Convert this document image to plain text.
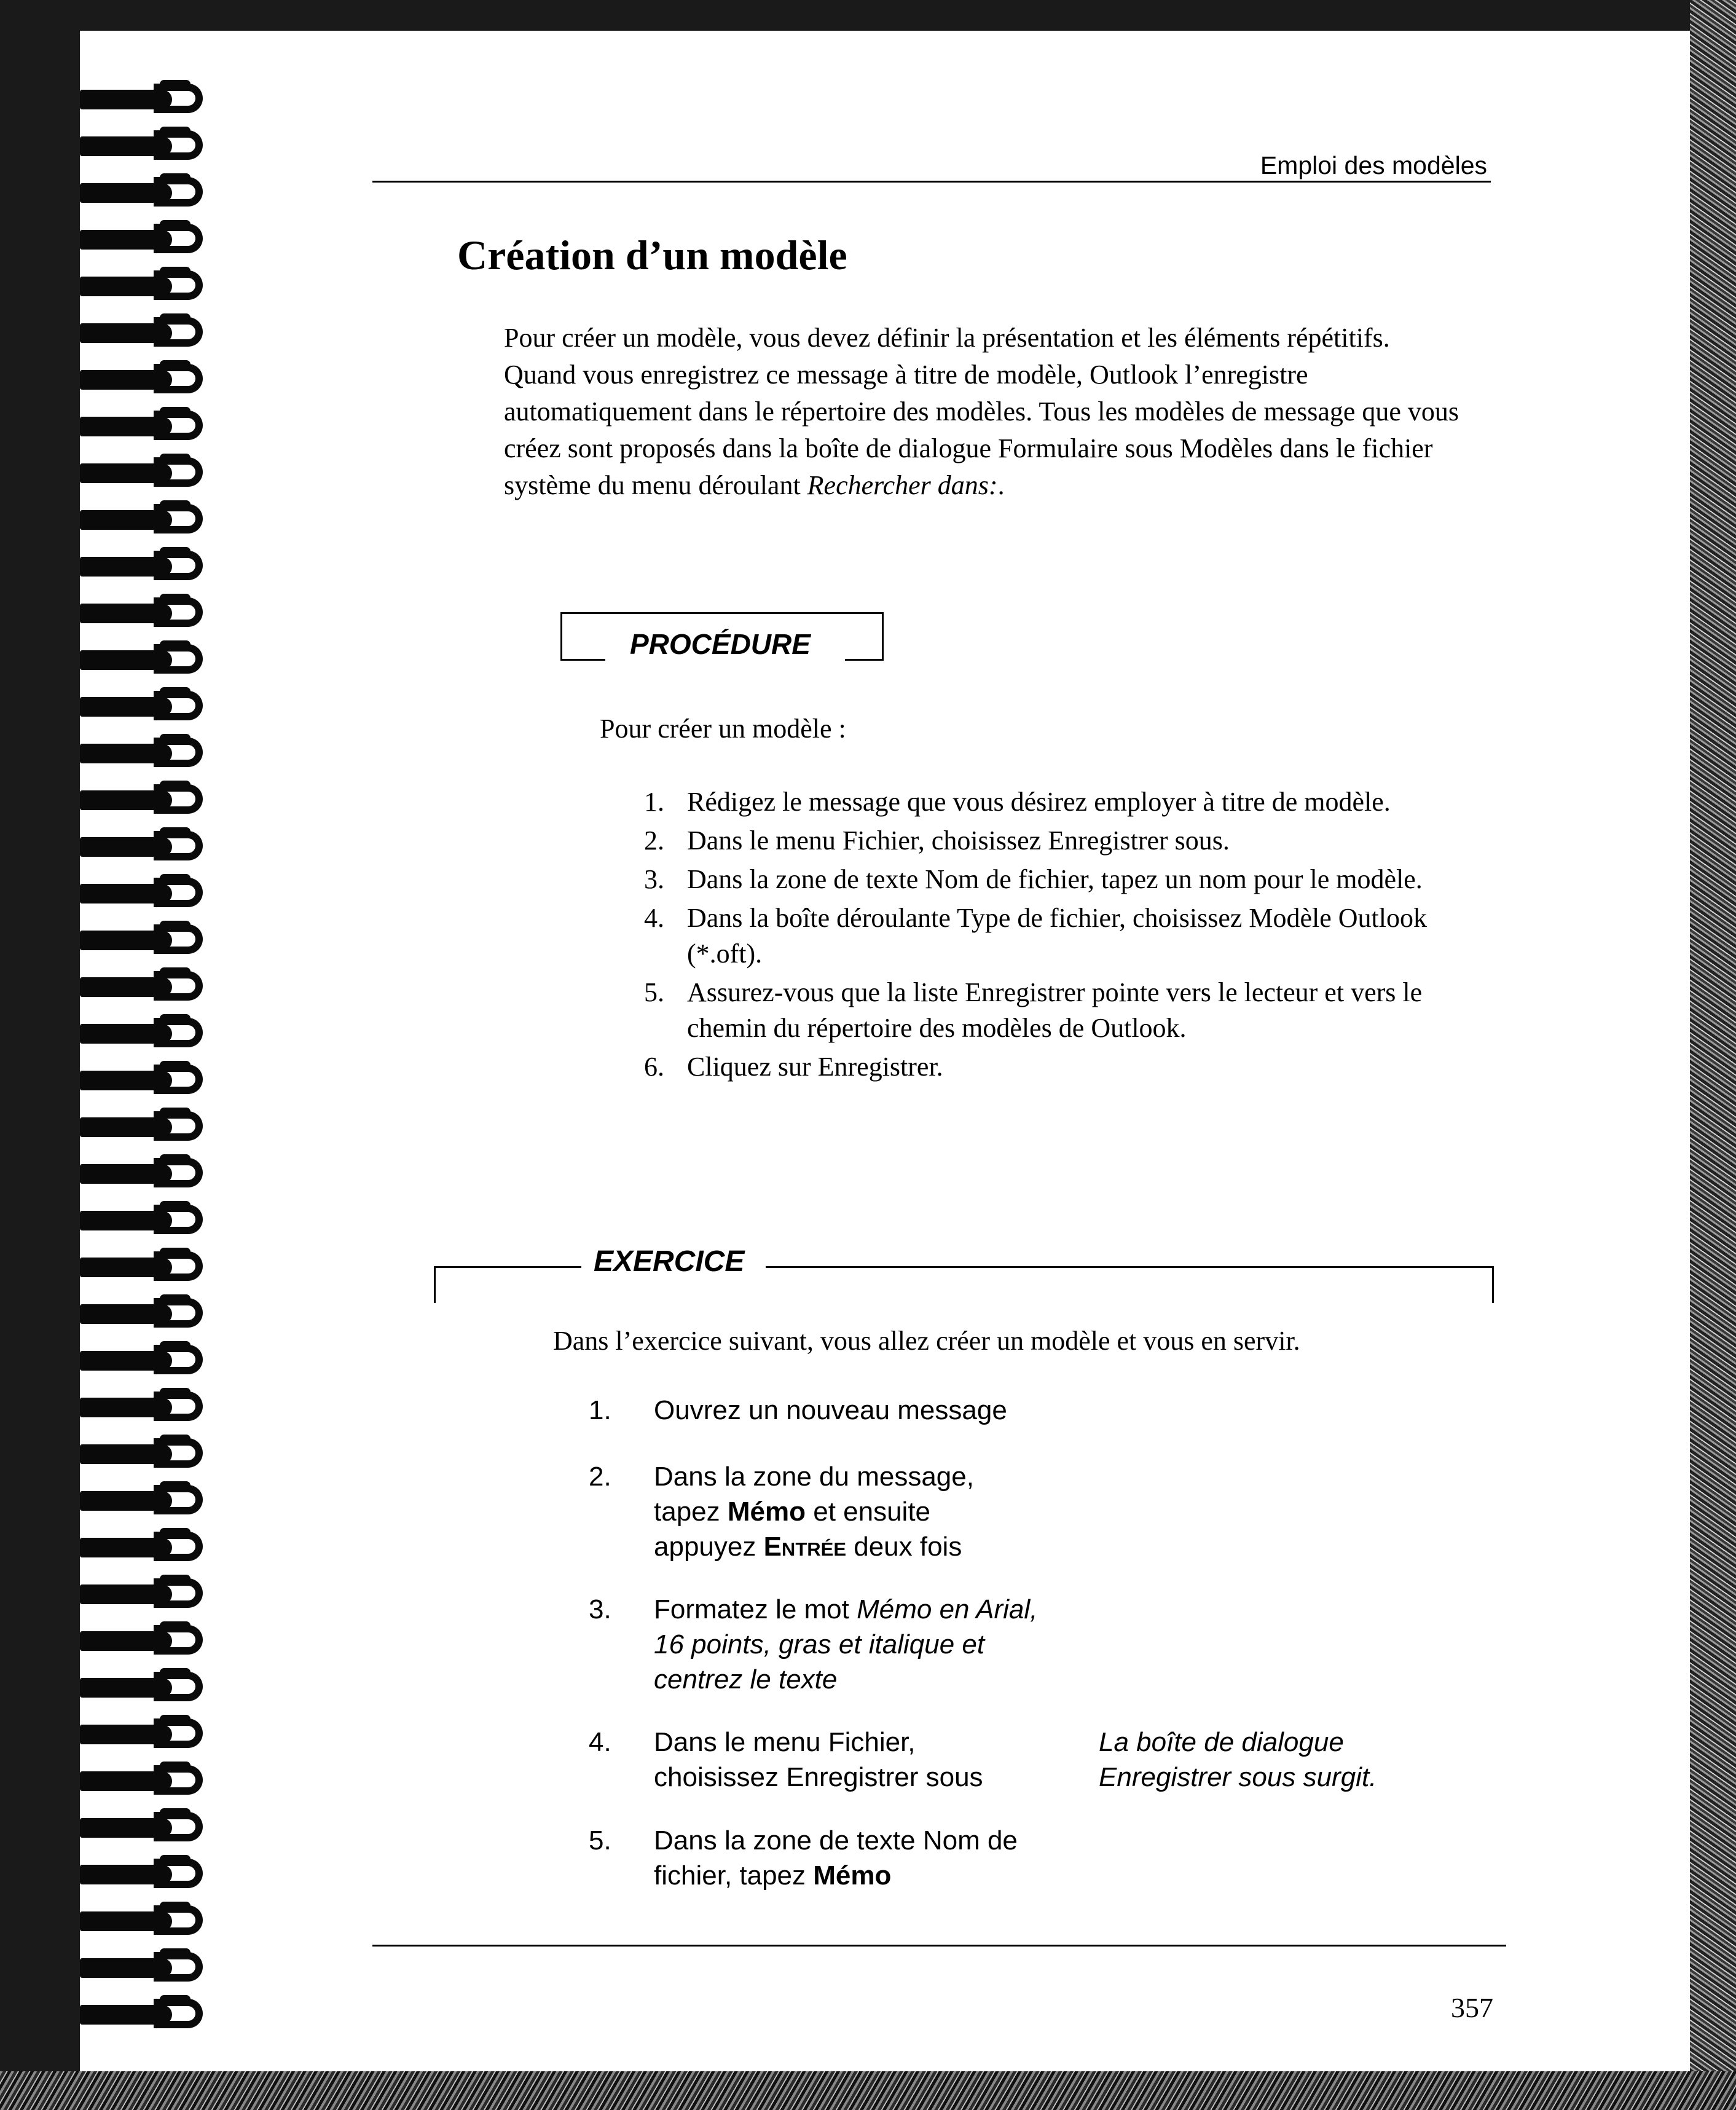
Emploi des modèles
Création d’un modèle

Pour créer un modèle, vous devez définir la présentation et les éléments répétitifs. Quand vous enregistrez ce message à titre de modèle, Outlook l’enregistre automatiquement dans le répertoire des modèles. Tous les modèles de message que vous créez sont proposés dans la boîte de dialogue Formulaire sous Modèles dans le fichier système du menu déroulant Rechercher dans:.

PROCÉDURE

Pour créer un modèle :

1. Rédigez le message que vous désirez employer à titre de modèle.
2. Dans le menu Fichier, choisissez Enregistrer sous.
3. Dans la zone de texte Nom de fichier, tapez un nom pour le modèle.
4. Dans la boîte déroulante Type de fichier, choisissez Modèle Outlook (*.oft).
5. Assurez-vous que la liste Enregistrer pointe vers le lecteur et vers le chemin du répertoire des modèles de Outlook.
6. Cliquez sur Enregistrer.
EXERCICE

Dans l’exercice suivant, vous allez créer un modèle et vous en servir.

1. Ouvrez un nouveau message
2. Dans la zone du message, tapez Mémo et ensuite appuyez Entrée deux fois
3. Formatez le mot Mémo en Arial, 16 points, gras et italique et centrez le texte
4. Dans le menu Fichier, choisissez Enregistrer sous
La boîte de dialogue Enregistrer sous surgit.
5. Dans la zone de texte Nom de fichier, tapez Mémo
357
